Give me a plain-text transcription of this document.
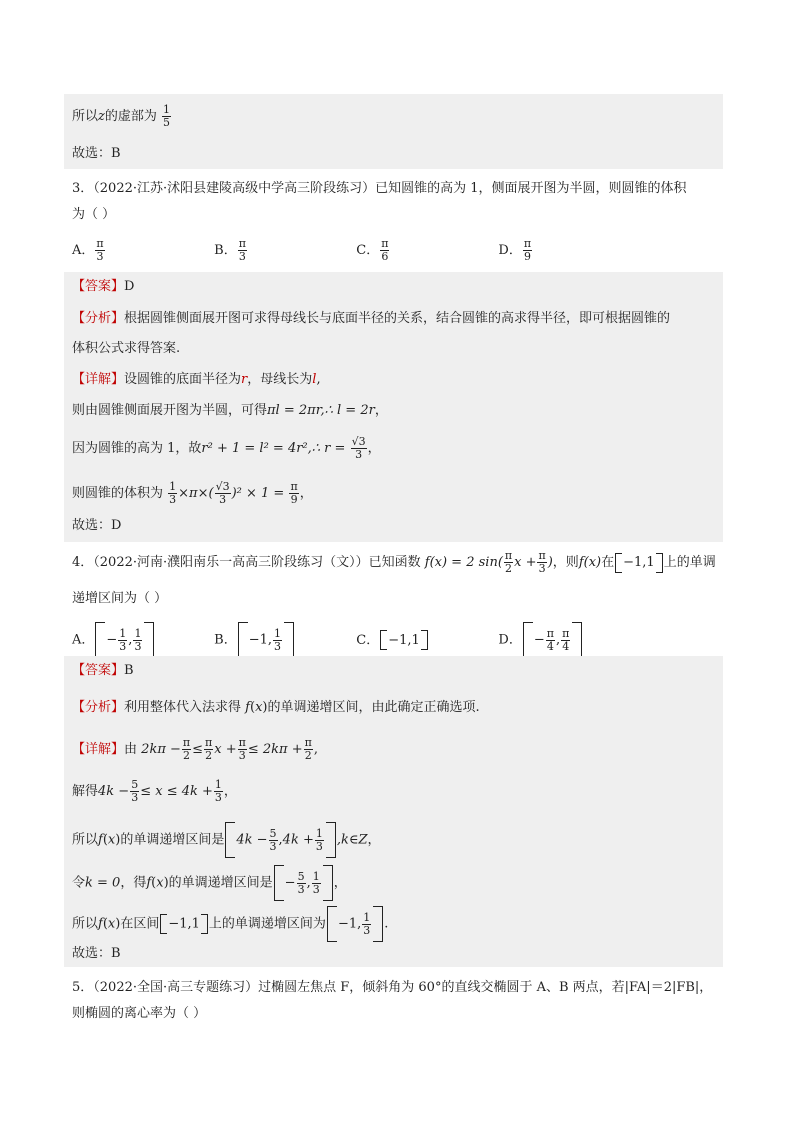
所以z的虚部为 $\frac{1}{5}$
故选：B
3．（2022·江苏·沭阳县建陵高级中学高三阶段练习）已知圆锥的高为 1，侧面展开图为半圆，则圆锥的体积
为（ ）
A． $\frac{\pi}{3}$	B． $\frac{\pi}{3}$	C． $\frac{\pi}{6}$	D． $\frac{\pi}{9}$
【答案】D
【分析】根据圆锥侧面展开图可求得母线长与底面半径的关系，结合圆锥的高求得半径，即可根据圆锥的
体积公式求得答案.
【详解】设圆锥的底面半径为r，母线长为l,
则由圆锥侧面展开图为半圆，可得πl = 2πr,∴ l = 2r，
因为圆锥的高为 1，故r² + 1 = l² = 4r²,∴ $r = \frac{√3}{3}$ ，
则圆锥的体积为 $\frac{1}{3} \times\pi\times( \frac{√3}{3} )^2 \times 1 = \frac{\pi}{9}$ ，
故选：D
4．（2022·河南·濮阳南乐一高高三阶段练习（文））已知函数 f(x) = 2 $\sin( \frac{\pi}{2}$ $x + \frac{\pi}{3}$ )，则f(x)在 −1,1 上的单调
递增区间为（ ）
A． − $\frac{1}{3}$ , $\frac{1}{3}$	B． −1, $\frac{1}{3}$	C． −1,1	D． − $\frac{\pi}{4}$ , $\frac{\pi}{4}$
【答案】B
【分析】利用整体代入法求得 f(x)的单调递增区间，由此确定正确选项.
【详解】由 $2k\pi - \frac{\pi}{2} \le \frac{\pi}{2}$ $x + \frac{\pi}{3} \le 2k\pi + \frac{\pi}{2}$ ,
解得$4k - \frac{5}{3} \le x \le 4k + \frac{1}{3}$ ，
所以f(x)的单调递增区间是 $4k - \frac{5}{3} ,4k + \frac{1}{3}$ ,k∈Z，
令k = 0，得f(x)的单调递增区间是 − $\frac{5}{3}$ , $\frac{1}{3}$ ，
所以f(x)在区间 −1,1 上的单调递增区间为 −1, $\frac{1}{3}$ .
故选：B
5．（2022·全国·高三专题练习）过椭圆左焦点 F，倾斜角为 60°的直线交椭圆于 A、B 两点，若|FA|＝2|FB|，
则椭圆的离心率为（ ）
